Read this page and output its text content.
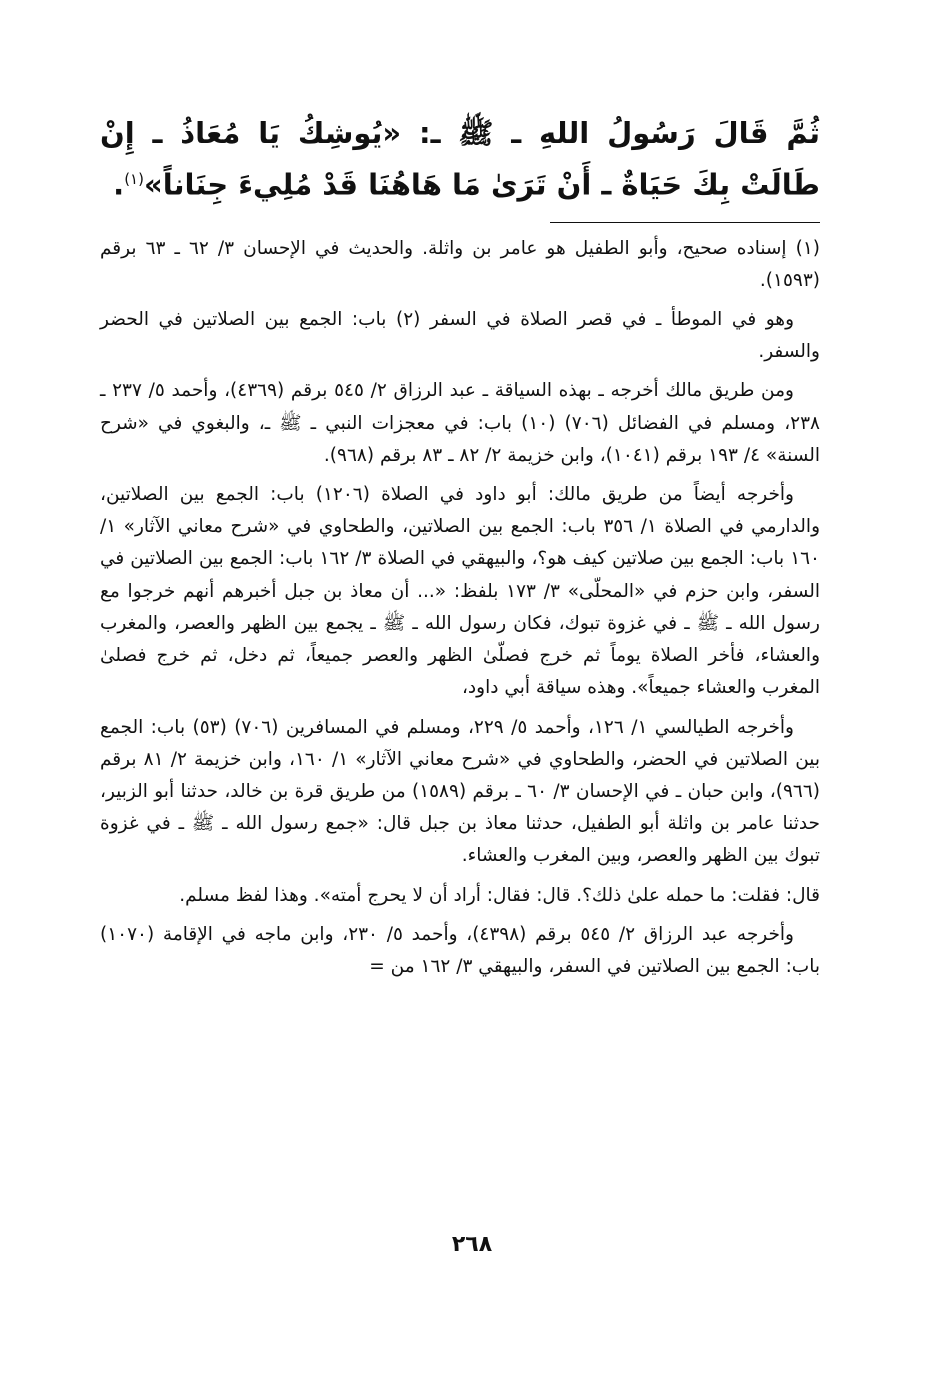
ثُمَّ قَالَ رَسُولُ اللهِ ـ ﷺ ـ: «يُوشِكُ يَا مُعَاذُ ـ إِنْ طَالَتْ بِكَ حَيَاةٌ ـ أَنْ تَرَىٰ مَا هَاهُنَا قَدْ مُلِيءَ جِنَاناً»$^{(١)}$.

(١) إسناده صحيح، وأبو الطفيل هو عامر بن واثلة. والحديث في الإحسان ٣/ ٦٢ ـ ٦٣ برقم (١٥٩٣).

وهو في الموطأ ـ في قصر الصلاة في السفر (٢) باب: الجمع بين الصلاتين في الحضر والسفر.

ومن طريق مالك أخرجه ـ بهذه السياقة ـ عبد الرزاق ٢/ ٥٤٥ برقم (٤٣٦٩)، وأحمد ٥/ ٢٣٧ ـ ٢٣٨، ومسلم في الفضائل (٧٠٦) (١٠) باب: في معجزات النبي ـ ﷺ ـ، والبغوي في «شرح السنة» ٤/ ١٩٣ برقم (١٠٤١)، وابن خزيمة ٢/ ٨٢ ـ ٨٣ برقم (٩٦٨).

وأخرجه أيضاً من طريق مالك: أبو داود في الصلاة (١٢٠٦) باب: الجمع بين الصلاتين، والدارمي في الصلاة ١/ ٣٥٦ باب: الجمع بين الصلاتين، والطحاوي في «شرح معاني الآثار» ١/ ١٦٠ باب: الجمع بين صلاتين كيف هو؟، والبيهقي في الصلاة ٣/ ١٦٢ باب: الجمع بين الصلاتين في السفر، وابن حزم في «المحلّى» ٣/ ١٧٣ بلفظ: «... أن معاذ بن جبل أخبرهم أنهم خرجوا مع رسول الله ـ ﷺ ـ في غزوة تبوك، فكان رسول الله ـ ﷺ ـ يجمع بين الظهر والعصر، والمغرب والعشاء، فأخر الصلاة يوماً ثم خرج فصلّىٰ الظهر والعصر جميعاً، ثم دخل، ثم خرج فصلىٰ المغرب والعشاء جميعاً». وهذه سياقة أبي داود،

وأخرجه الطيالسي ١/ ١٢٦، وأحمد ٥/ ٢٢٩، ومسلم في المسافرين (٧٠٦) (٥٣) باب: الجمع بين الصلاتين في الحضر، والطحاوي في «شرح معاني الآثار» ١/ ١٦٠، وابن خزيمة ٢/ ٨١ برقم (٩٦٦)، وابن حبان ـ في الإحسان ٣/ ٦٠ ـ برقم (١٥٨٩) من طريق قرة بن خالد، حدثنا أبو الزبير، حدثنا عامر بن واثلة أبو الطفيل، حدثنا معاذ بن جبل قال: «جمع رسول الله ـ ﷺ ـ في غزوة تبوك بين الظهر والعصر، وبين المغرب والعشاء.

قال: فقلت: ما حمله علىٰ ذلك؟. قال: فقال: أراد أن لا يحرج أمته». وهذا لفظ مسلم.

وأخرجه عبد الرزاق ٢/ ٥٤٥ برقم (٤٣٩٨)، وأحمد ٥/ ٢٣٠، وابن ماجه في الإقامة (١٠٧٠) باب: الجمع بين الصلاتين في السفر، والبيهقي ٣/ ١٦٢ من =

٢٦٨
